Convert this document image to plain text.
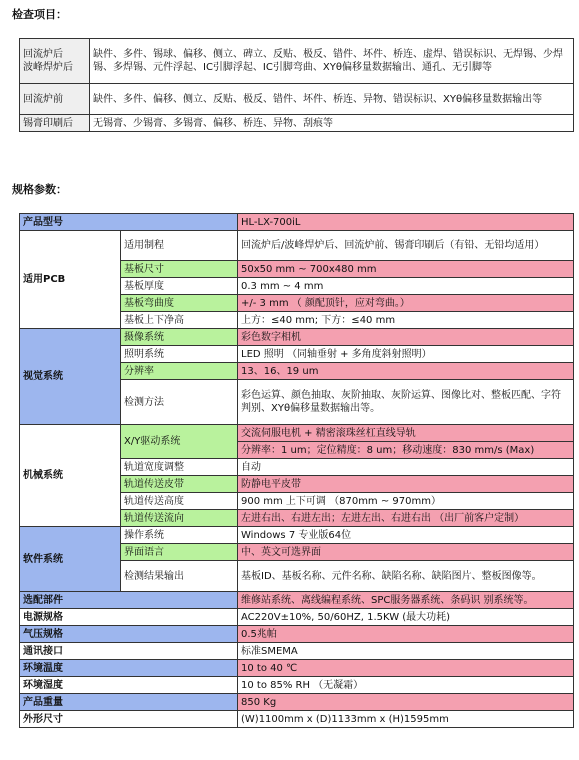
检查项目：
回流炉后
波峰焊炉后	缺件、多件、锡球、偏移、侧立、碑立、反贴、极反、错件、坏件、桥连、虚焊、错误标识、无焊锡、少焊锡、多焊锡、元件浮起、IC引脚浮起、IC引脚弯曲、XYθ偏移量数据输出、通孔、无引脚等

回流炉前	缺件、多件、偏移、侧立、反贴、极反、错件、坏件、桥连、异物、错误标识、XYθ偏移量数据输出等

锡膏印刷后	无锡膏、少锡膏、多锡膏、偏移、桥连、异物、刮痕等
规格参数：
产品型号		HL-LX-700iL
适用PCB	适用制程	回流炉后/波峰焊炉后、回流炉前、锡膏印刷后（有铅、无铅均适用）
	基板尺寸	50x50 mm ~ 700x480 mm
	基板厚度	0.3 mm ~ 4 mm
	基板弯曲度	+/- 3 mm （ 颜配顶针，应对弯曲。）
	基板上下净高	上方：≤40 mm; 下方：≤40 mm
视觉系统	摄像系统	彩色数字相机
	照明系统	LED 照明 （同轴垂射 + 多角度斜射照明）
	分辨率	13、16、19 um
	检测方法	彩色运算、颜色抽取、灰阶抽取、灰阶运算、图像比对、整板匹配、字符判别、XYθ偏移量数据输出等。
机械系统	X/Y驱动系统	交流伺服电机 + 精密滚珠丝杠直线导轨
		分辨率：1 um；定位精度：8 um；移动速度：830 mm/s (Max)
	轨道宽度调整	自动
	轨道传送皮带	防静电平皮带
	轨道传送高度	900 mm 上下可调 （870mm ~ 970mm）
	轨道传送流向	左进右出、右进左出；左进左出、右进右出 （出厂前客户定制）
软件系统	操作系统	Windows 7 专业版64位
	界面语言	中、英文可选界面
	检测结果输出	基板ID、基板名称、元件名称、缺陷名称、缺陷图片、整板图像等。
选配部件		维修站系统、离线编程系统、SPC服务器系统、条码识 别系统等。
电源规格		AC220V±10%, 50/60HZ, 1.5KW (最大功耗)
气压规格		0.5兆帕
通讯接口		标准SMEMA
环境温度		10 to 40 ℃
环境湿度		10 to 85% RH （无凝霜）
产品重量		850 Kg
外形尺寸		(W)1100mm x (D)1133mm x (H)1595mm
